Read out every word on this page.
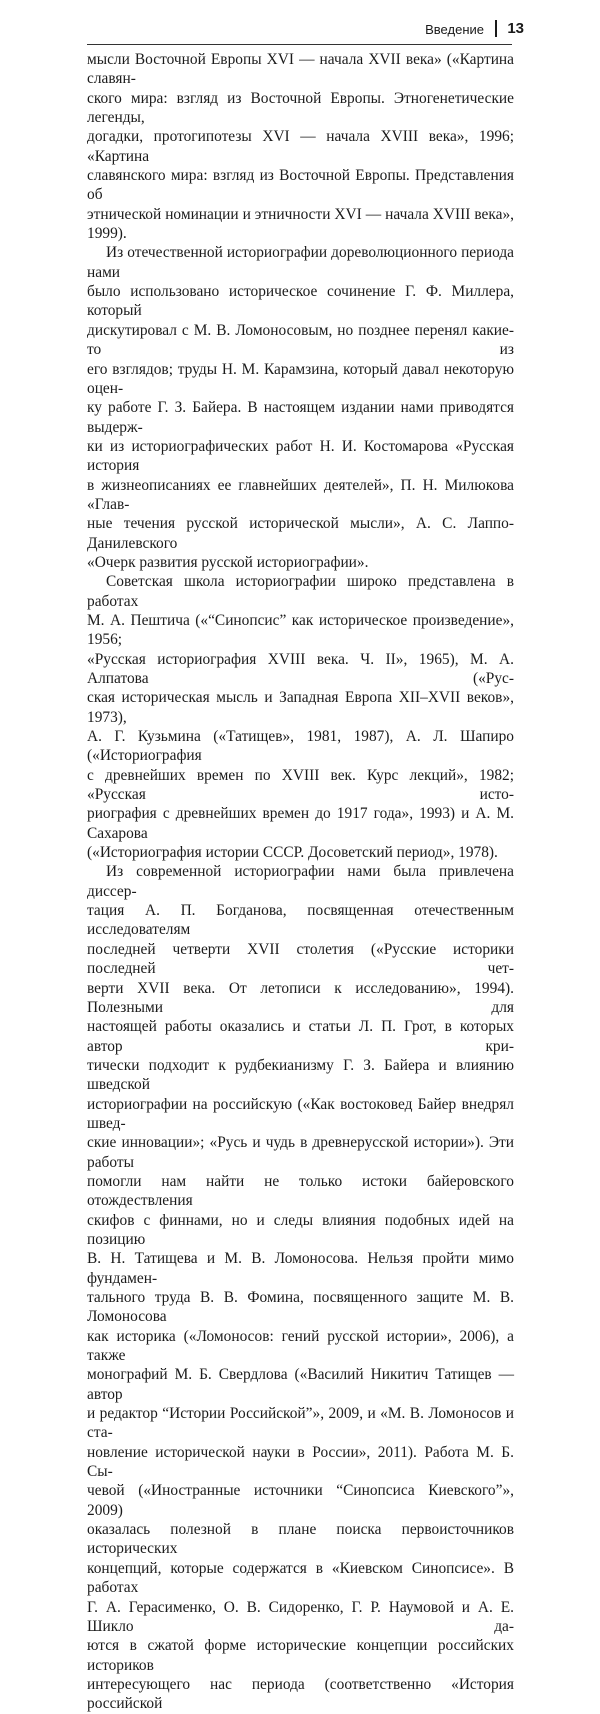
Введение 13
мысли Восточной Европы XVI — начала XVII века» («Картина славян-
ского мира: взгляд из Восточной Европы. Этногенетические легенды,
догадки, протогипотезы XVI — начала XVIII века», 1996; «Картина
славянского мира: взгляд из Восточной Европы. Представления об
этнической номинации и этничности XVI — начала XVIII века», 1999).
Из отечественной историографии дореволюционного периода нами
было использовано историческое сочинение Г. Ф. Миллера, который
дискутировал с М. В. Ломоносовым, но позднее перенял какие-то из
его взглядов; труды Н. М. Карамзина, который давал некоторую оцен-
ку работе Г. З. Байера. В настоящем издании нами приводятся выдерж-
ки из историографических работ Н. И. Костомарова «Русская история
в жизнеописаниях ее главнейших деятелей», П. Н. Милюкова «Глав-
ные течения русской исторической мысли», А. С. Лаппо-Данилевского
«Очерк развития русской историографии».
Советская школа историографии широко представлена в работах
М. А. Пештича («“Синопсис” как историческое произведение», 1956;
«Русская историография XVIII века. Ч. II», 1965), М. А. Алпатова («Рус-
ская историческая мысль и Западная Европа XII–XVII веков», 1973),
А. Г. Кузьмина («Татищев», 1981, 1987), А. Л. Шапиро («Историография
с древнейших времен по XVIII век. Курс лекций», 1982; «Русская исто-
риография с древнейших времен до 1917 года», 1993) и А. М. Сахарова
(«Историография истории СССР. Досоветский период», 1978).
Из современной историографии нами была привлечена диссер-
тация А. П. Богданова, посвященная отечественным исследователям
последней четверти XVII столетия («Русские историки последней чет-
верти XVII века. От летописи к исследованию», 1994). Полезными для
настоящей работы оказались и статьи Л. П. Грот, в которых автор кри-
тически подходит к рудбекианизму Г. З. Байера и влиянию шведской
историографии на российскую («Как востоковед Байер внедрял швед-
ские инновации»; «Русь и чудь в древнерусской истории»). Эти работы
помогли нам найти не только истоки байеровского отождествления
скифов с финнами, но и следы влияния подобных идей на позицию
В. Н. Татищева и М. В. Ломоносова. Нельзя пройти мимо фундамен-
тального труда В. В. Фомина, посвященного защите М. В. Ломоносова
как историка («Ломоносов: гений русской истории», 2006), а также
монографий М. Б. Свердлова («Василий Никитич Татищев — автор
и редактор “Истории Российской”», 2009, и «М. В. Ломоносов и ста-
новление исторической науки в России», 2011). Работа М. Б. Сы-
чевой («Иностранные источники “Синопсиса Киевского”», 2009)
оказалась полезной в плане поиска первоисточников исторических
концепций, которые содержатся в «Киевском Синопсисе». В работах
Г. А. Герасименко, О. В. Сидоренко, Г. Р. Наумовой и А. Е. Шикло да-
ются в сжатой форме исторические концепции российских историков
интересующего нас периода (соответственно «История российской
